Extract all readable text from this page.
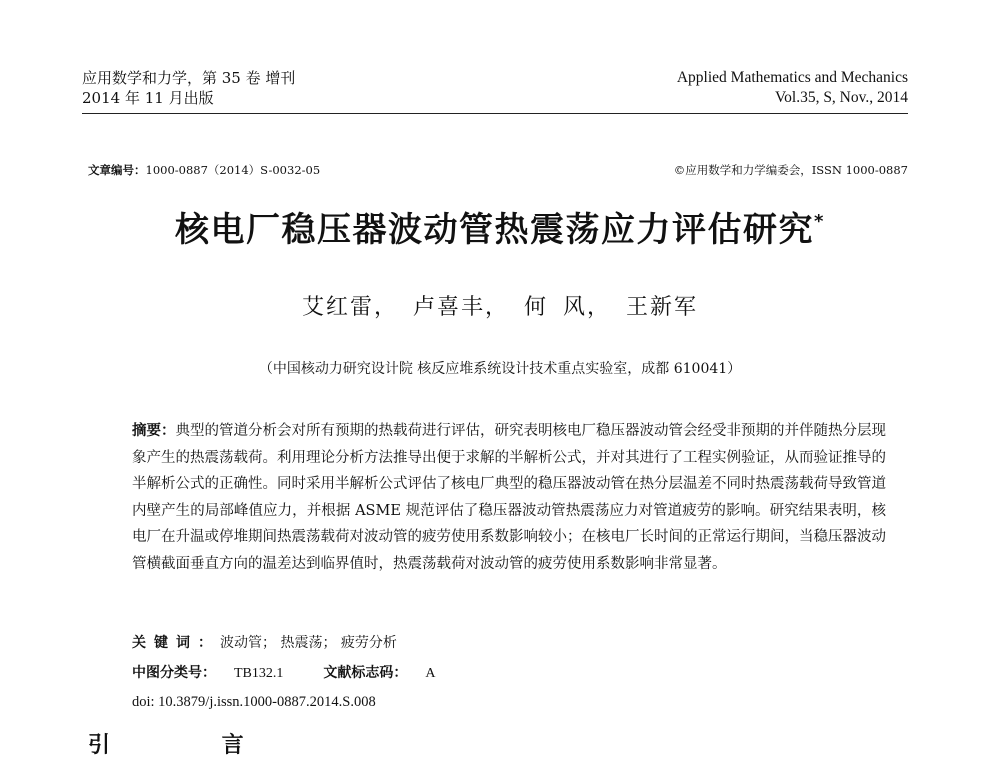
应用数学和力学，第 35 卷 增刊
2014 年 11 月出版
Applied Mathematics and Mechanics
Vol.35, S, Nov., 2014
文章编号：1000-0887（2014）S-0032-05	©应用数学和力学编委会，ISSN 1000-0887
核电厂稳压器波动管热震荡应力评估研究*
艾红雷， 卢喜丰， 何 风， 王新军
（中国核动力研究设计院 核反应堆系统设计技术重点实验室，成都 610041）
摘要：典型的管道分析会对所有预期的热载荷进行评估，研究表明核电厂稳压器波动管会经受非预期的并伴随热分层现象产生的热震荡载荷。利用理论分析方法推导出便于求解的半解析公式，并对其进行了工程实例验证，从而验证推导的半解析公式的正确性。同时采用半解析公式评估了核电厂典型的稳压器波动管在热分层温差不同时热震荡载荷导致管道内壁产生的局部峰值应力，并根据 ASME 规范评估了稳压器波动管热震荡应力对管道疲劳的影响。研究结果表明，核电厂在升温或停堆期间热震荡载荷对波动管的疲劳使用系数影响较小；在核电厂长时间的正常运行期间，当稳压器波动管横截面垂直方向的温差达到临界值时，热震荡载荷对波动管的疲劳使用系数影响非常显著。
关键词：波动管； 热震荡； 疲劳分析
中图分类号： TB132.1	文献标志码： A
doi: 10.3879/j.issn.1000-0887.2014.S.008
引 言
